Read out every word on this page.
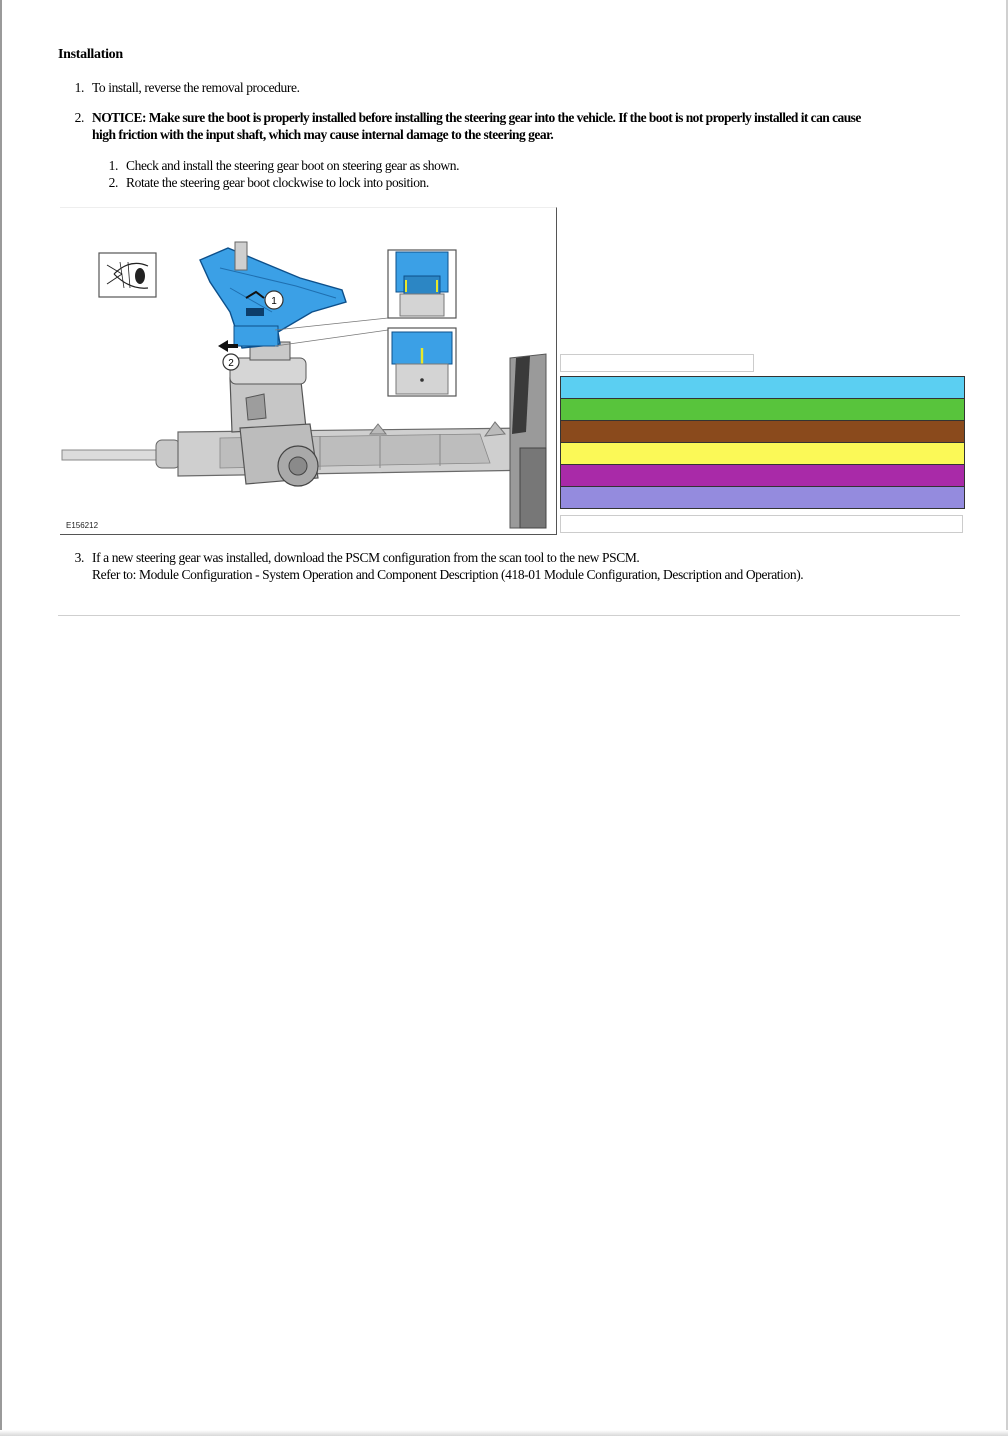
Installation
1. To install, reverse the removal procedure.
2. NOTICE: Make sure the boot is properly installed before installing the steering gear into the vehicle. If the boot is not properly installed it can cause
high friction with the input shaft, which may cause internal damage to the steering gear.
1. Check and install the steering gear boot on steering gear as shown.
2. Rotate the steering gear boot clockwise to lock into position.
1
2
E156212
3. If a new steering gear was installed, download the PSCM configuration from the scan tool to the new PSCM.
Refer to: Module Configuration - System Operation and Component Description (418-01 Module Configuration, Description and Operation).
